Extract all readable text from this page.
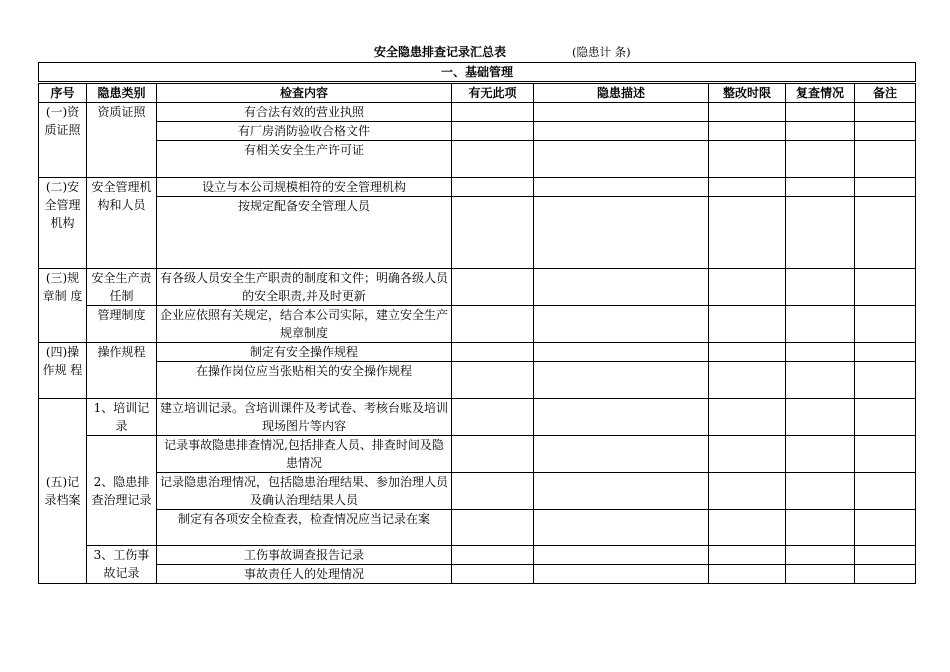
安全隐患排查记录汇总表	(隐患计 条)
一、基础管理							
序号	隐患类别	检查内容	有无此项	隐患描述	整改时限	复查情况	备注
(一)资质证照	资质证照	有合法有效的营业执照					
		有厂房消防验收合格文件					
		有相关安全生产许可证					

(二)安全管理机构	安全管理机构和人员	设立与本公司规模相符的安全管理机构					
		按规定配备安全管理人员					
(三)规章制 度	安全生产责任制	有各级人员安全生产职责的制度和文件；明确各级人员的安全职责,并及时更新					
	管理制度	企业应依照有关规定，结合本公司实际，建立安全生产规章制度					
(四)操作规 程	操作规程	制定有安全操作规程					
		在操作岗位应当张贴相关的安全操作规程					
(五)记录档案	1、培训记录	建立培训记录。含培训课件及考试卷、考核台账及培训现场图片等内容					
	2、隐患排查治理记录	记录事故隐患排查情况,包括排查人员、排查时间及隐患情况					
		记录隐患治理情况，包括隐患治理结果、参加治理人员及确认治理结果人员					
		制定有各项安全检查表，检查情况应当记录在案					
	3、工伤事故记录	工伤事故调查报告记录					
		事故责任人的处理情况					
